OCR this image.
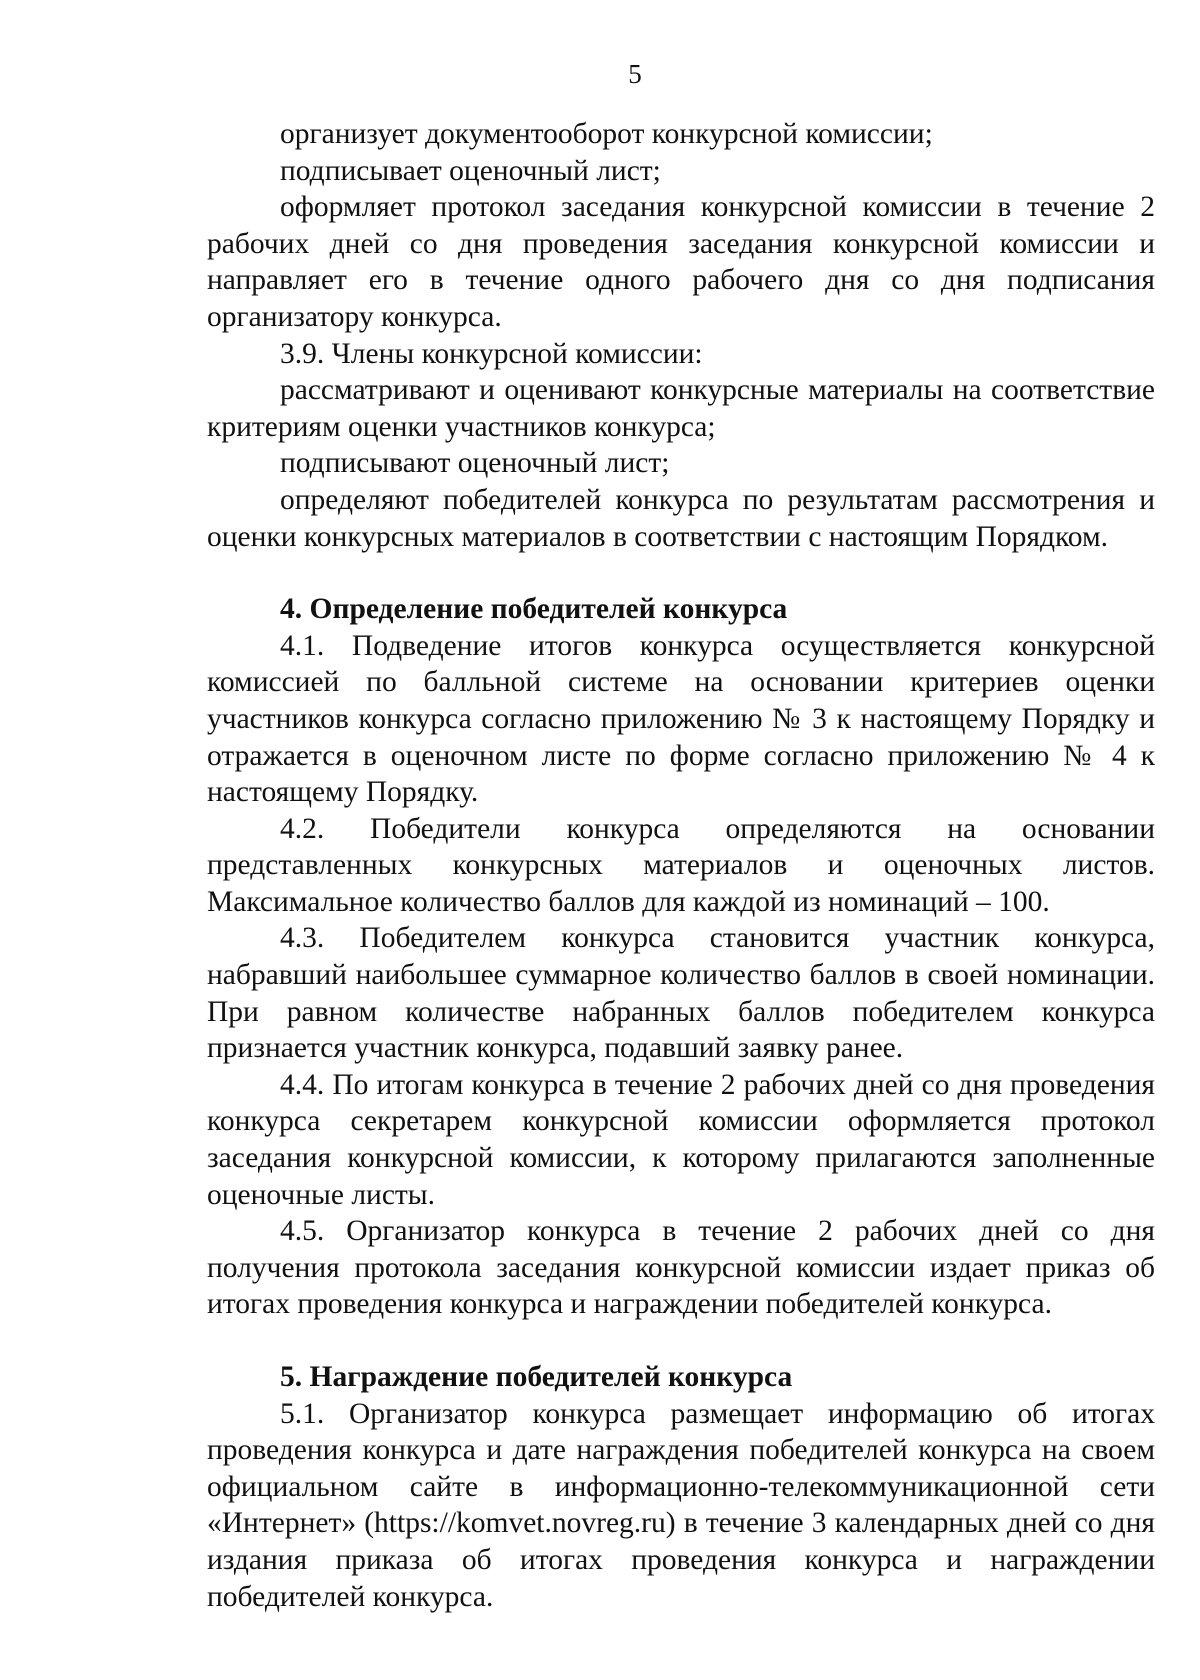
5

организует документооборот конкурсной комиссии;

подписывает оценочный лист;

оформляет протокол заседания конкурсной комиссии в течение 2 рабочих дней со дня проведения заседания конкурсной комиссии и направляет его в течение одного рабочего дня со дня подписания организатору конкурса.

3.9. Члены конкурсной комиссии:

рассматривают и оценивают конкурсные материалы на соответствие критериям оценки участников конкурса;

подписывают оценочный лист;

определяют победителей конкурса по результатам рассмотрения и оценки конкурсных материалов в соответствии с настоящим Порядком.

4. Определение победителей конкурса

4.1. Подведение итогов конкурса осуществляется конкурсной комиссией по балльной системе на основании критериев оценки участников конкурса согласно приложению № 3 к настоящему Порядку и отражается в оценочном листе по форме согласно приложению № 4 к настоящему Порядку.

4.2. Победители конкурса определяются на основании представленных конкурсных материалов и оценочных листов. Максимальное количество баллов для каждой из номинаций – 100.

4.3. Победителем конкурса становится участник конкурса, набравший наибольшее суммарное количество баллов в своей номинации. При равном количестве набранных баллов победителем конкурса признается участник конкурса, подавший заявку ранее.

4.4. По итогам конкурса в течение 2 рабочих дней со дня проведения конкурса секретарем конкурсной комиссии оформляется протокол заседания конкурсной комиссии, к которому прилагаются заполненные оценочные листы.

4.5. Организатор конкурса в течение 2 рабочих дней со дня получения протокола заседания конкурсной комиссии издает приказ об итогах проведения конкурса и награждении победителей конкурса.

5. Награждение победителей конкурса

5.1. Организатор конкурса размещает информацию об итогах проведения конкурса и дате награждения победителей конкурса на своем официальном сайте в информационно-телекоммуникационной сети «Интернет» (https://komvet.novreg.ru) в течение 3 календарных дней со дня издания приказа об итогах проведения конкурса и награждении победителей конкурса.
